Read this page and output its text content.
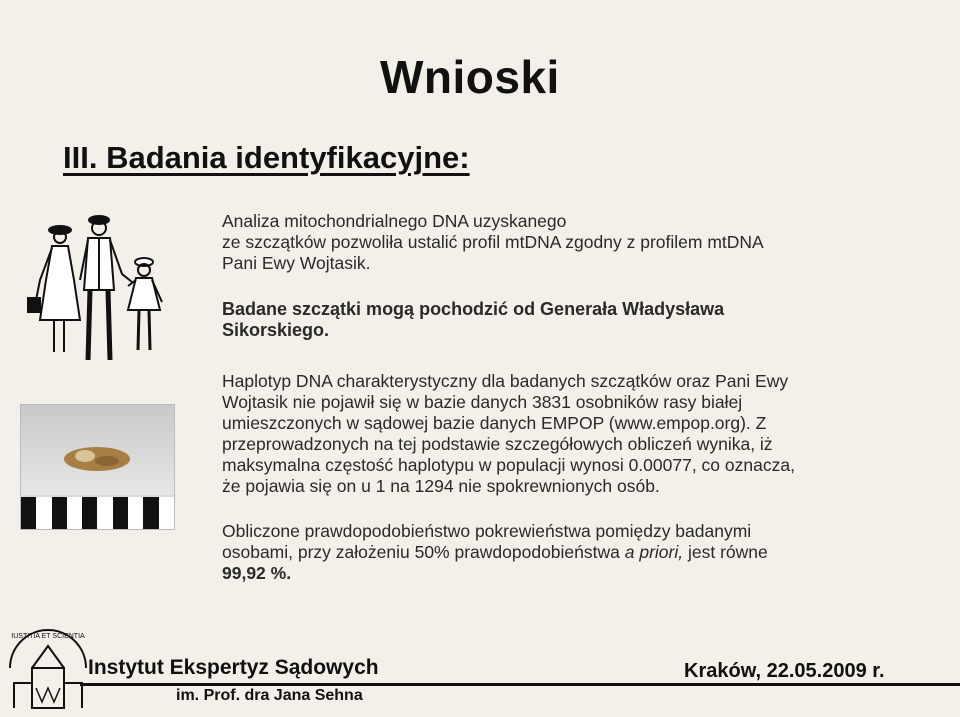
Wnioski
III. Badania identyfikacyjne:
Analiza mitochondrialnego DNA uzyskanego
ze szczątków pozwoliła ustalić profil mtDNA zgodny z profilem mtDNA
Pani Ewy Wojtasik.
Badane szczątki mogą pochodzić od Generała Władysława
Sikorskiego.
Haplotyp DNA charakterystyczny dla badanych szczątków oraz Pani Ewy
Wojtasik nie pojawił się w bazie danych 3831 osobników rasy białej
umieszczonych w sądowej bazie danych EMPOP (www.empop.org). Z
przeprowadzonych na tej podstawie szczegółowych obliczeń wynika, iż
maksymalna częstość haplotypu w populacji wynosi 0.00077, co oznacza,
że pojawia się on u 1 na 1294 nie spokrewnionych osób.
Obliczone prawdopodobieństwo pokrewieństwa pomiędzy badanymi
osobami, przy założeniu 50% prawdopodobieństwa a priori, jest równe
99,92 %.
IUSTITIA ET SCIENTIA
Instytut Ekspertyz Sądowych
im. Prof. dra Jana Sehna
Kraków, 22.05.2009 r.
